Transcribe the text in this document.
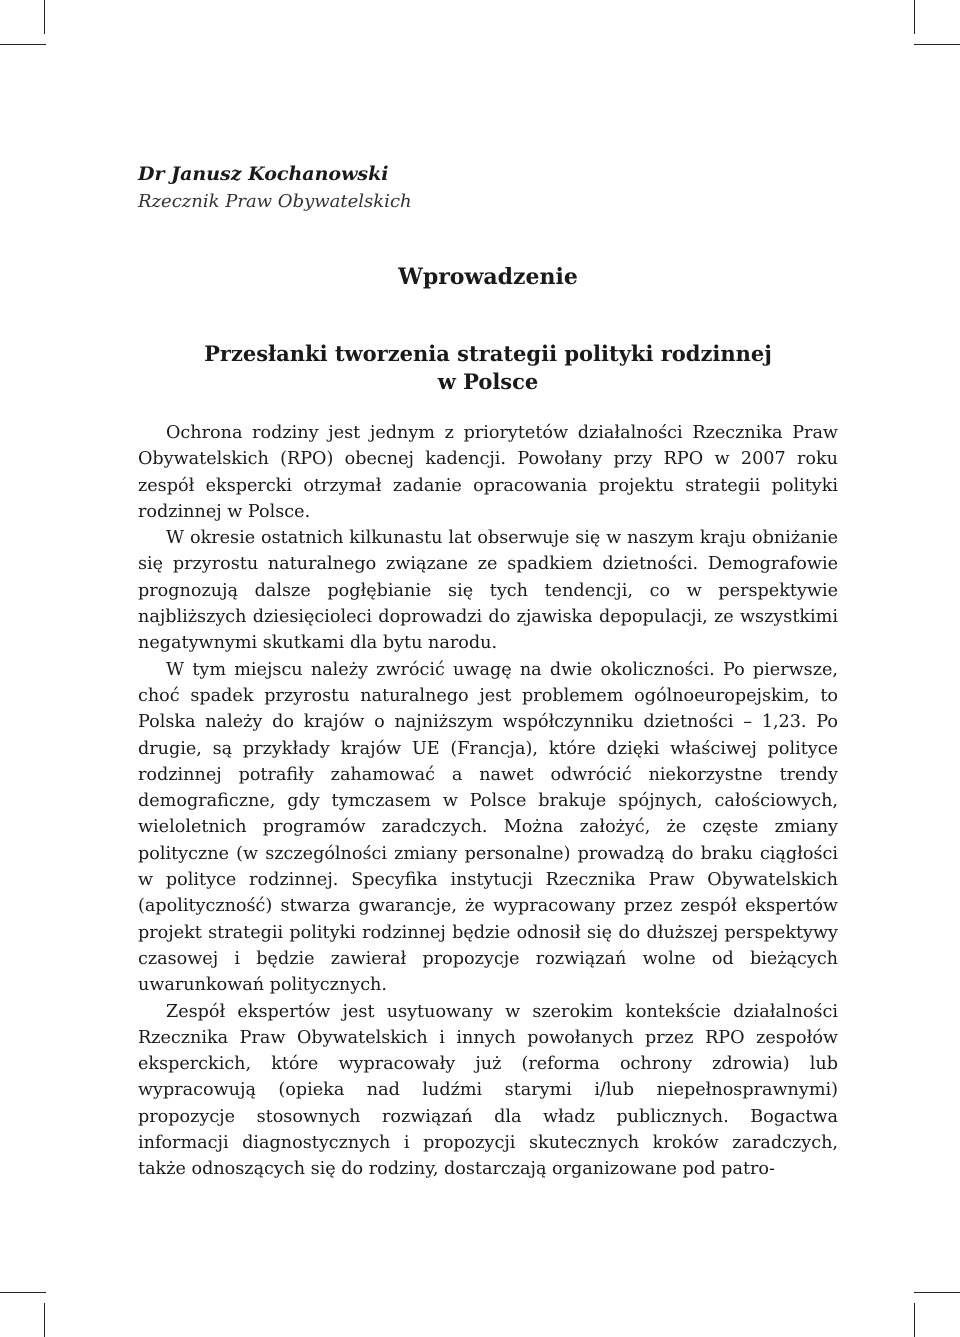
Dr Janusz Kochanowski
Rzecznik Praw Obywatelskich
Wprowadzenie
Przesłanki tworzenia strategii polityki rodzinnej
w Polsce

Ochrona rodziny jest jednym z priorytetów działalności Rzecznika Praw Obywatelskich (RPO) obecnej kadencji. Powołany przy RPO w 2007 roku zespół ekspercki otrzymał zadanie opracowania projektu strategii polityki rodzinnej w Polsce.

W okresie ostatnich kilkunastu lat obserwuje się w naszym kraju obniżanie się przyrostu naturalnego związane ze spadkiem dzietności. Demografowie prognozują dalsze pogłębianie się tych tendencji, co w perspektywie najbliższych dziesięcioleci doprowadzi do zjawiska depopulacji, ze wszystkimi negatywnymi skutkami dla bytu narodu.

W tym miejscu należy zwrócić uwagę na dwie okoliczności. Po pierwsze, choć spadek przyrostu naturalnego jest problemem ogólnoeuropejskim, to Polska należy do krajów o najniższym współczynniku dzietności – 1,23. Po drugie, są przykłady krajów UE (Francja), które dzięki właściwej polityce rodzinnej potrafiły zahamować a nawet odwrócić niekorzystne trendy demograficzne, gdy tymczasem w Polsce brakuje spójnych, całościowych, wieloletnich programów zaradczych. Można założyć, że częste zmiany polityczne (w szczególności zmiany personalne) prowadzą do braku ciągłości w polityce rodzinnej. Specyfika instytucji Rzecznika Praw Obywatelskich (apolityczność) stwarza gwarancje, że wypracowany przez zespół ekspertów projekt strategii polityki rodzinnej będzie odnosił się do dłuższej perspektywy czasowej i będzie zawierał propozycje rozwiązań wolne od bieżących uwarunkowań politycznych.

Zespół ekspertów jest usytuowany w szerokim kontekście działalności Rzecznika Praw Obywatelskich i innych powołanych przez RPO zespołów eksperckich, które wypracowały już (reforma ochrony zdrowia) lub wypracowują (opieka nad ludźmi starymi i/lub niepełnosprawnymi) propozycje stosownych rozwiązań dla władz publicznych. Bogactwa informacji diagnostycznych i propozycji skutecznych kroków zaradczych, także odnoszących się do rodziny, dostarczają organizowane pod patro-
